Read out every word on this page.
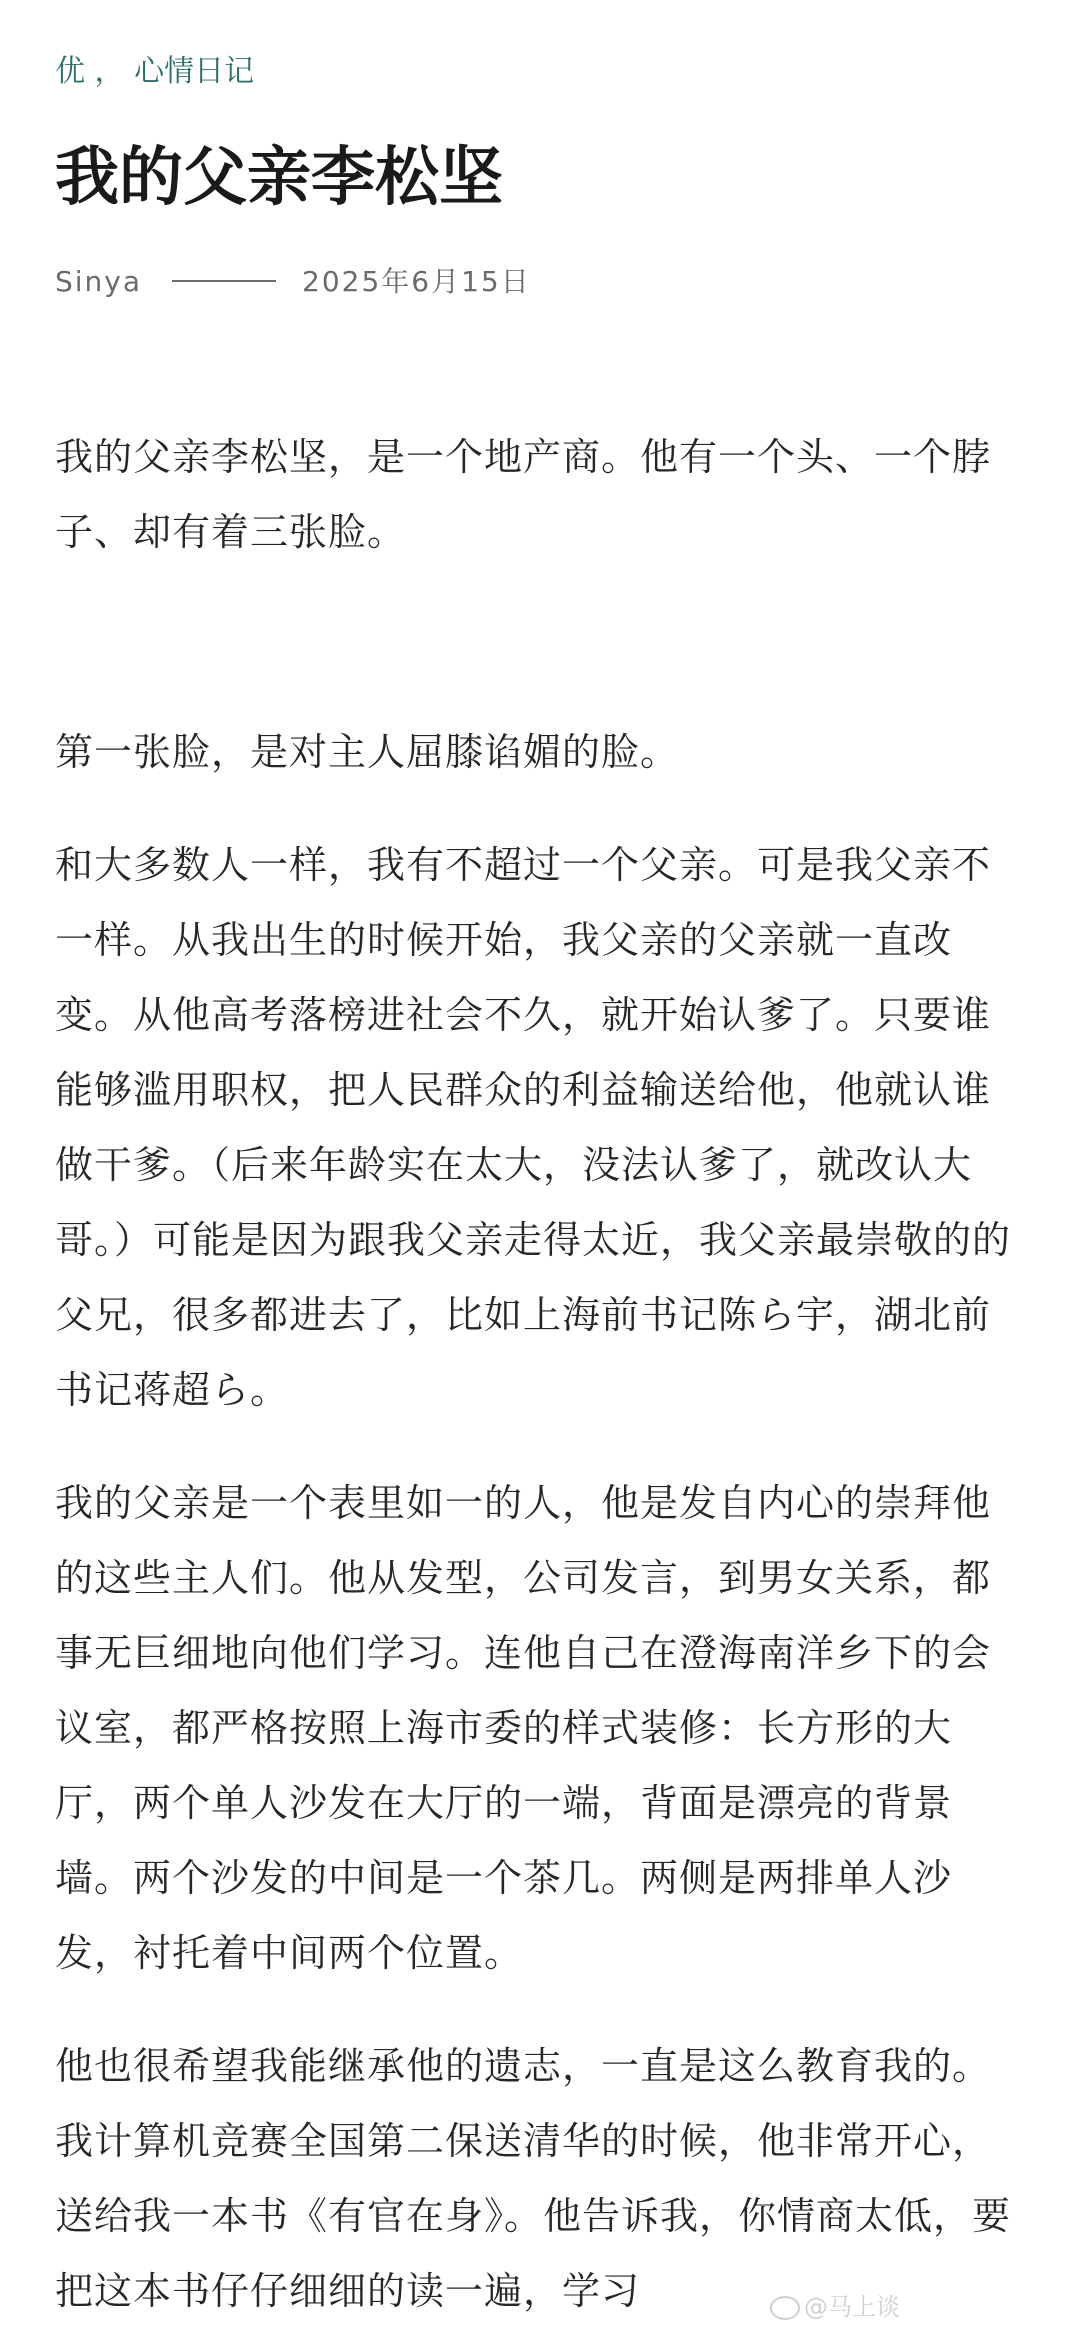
优 ， 心情日记
我的父亲李松坚
Sinya	2025年6月15日

我的父亲李松坚，是一个地产商。他有一个头、一个脖子、却有着三张脸。

第一张脸，是对主人屈膝谄媚的脸。

和大多数人一样，我有不超过一个父亲。可是我父亲不一样。从我出生的时候开始，我父亲的父亲就一直改变。从他高考落榜进社会不久，就开始认爹了。只要谁能够滥用职权，把人民群众的利益输送给他，他就认谁做干爹。（后来年龄实在太大，没法认爹了，就改认大哥。）可能是因为跟我父亲走得太近，我父亲最崇敬的的父兄，很多都进去了，比如上海前书记陈ら宇，湖北前书记蒋超ら。

我的父亲是一个表里如一的人，他是发自内心的崇拜他的这些主人们。他从发型，公司发言，到男女关系，都事无巨细地向他们学习。连他自己在澄海南洋乡下的会议室，都严格按照上海市委的样式装修：长方形的大厅，两个单人沙发在大厅的一端，背面是漂亮的背景墙。两个沙发的中间是一个茶几。两侧是两排单人沙发，衬托着中间两个位置。

他也很希望我能继承他的遗志，一直是这么教育我的。我计算机竞赛全国第二保送清华的时候，他非常开心，送给我一本书《有官在身》。他告诉我，你情商太低，要把这本书仔仔细细的读一遍，学习	@马上谈
